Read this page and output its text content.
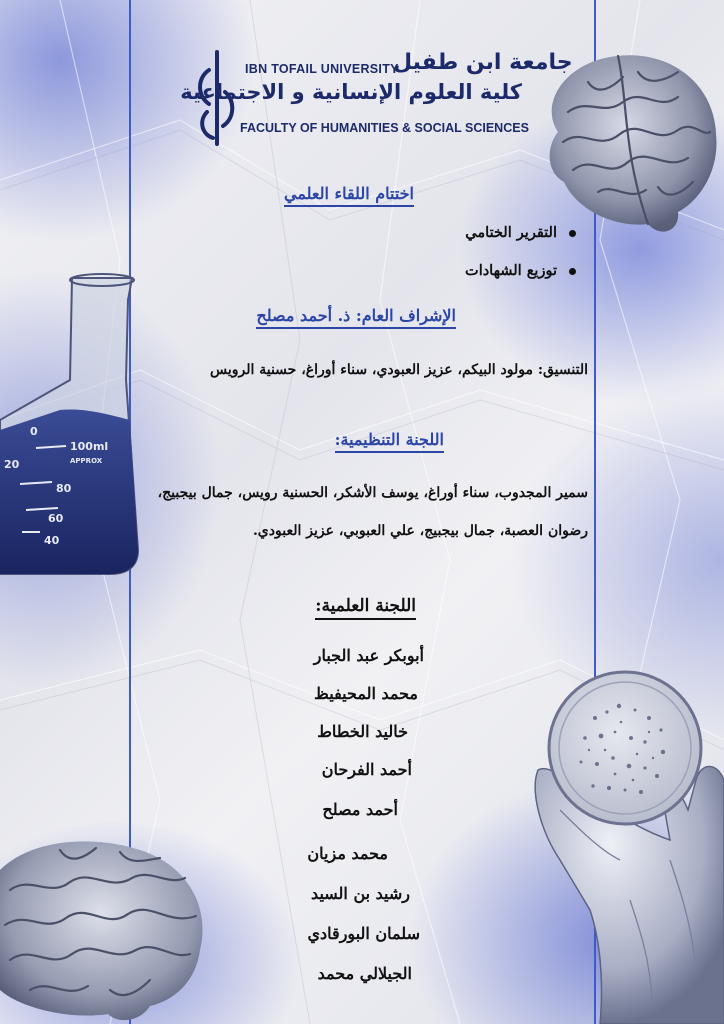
100ml
APPROX
0
20
40
60
80
IBN TOFAIL UNIVERSITY
جامعة ابن طفيل
كلية العلوم الإنسانية و الاجتماعية
FACULTY OF HUMANITIES & SOCIAL SCIENCES
اختتام اللقاء العلمي
التقرير الختامي
توزيع الشهادات
الإشراف العام: ذ. أحمد مصلح
التنسيق: مولود البيكم، عزيز العبودي، سناء أوراغ، حسنية الرويس
اللجنة التنظيمية:
سمير المجدوب، سناء أوراغ، يوسف الأشكر، الحسنية رويس، جمال بيجبيج، رضوان العصبة، جمال بيجبيج، علي العبوبي، عزيز العبودي.
اللجنة العلمية:
أبوبكر عبد الجبار
محمد المحيفيظ
خاليد الخطاط
أحمد الفرحان
أحمد مصلح
محمد مزيان
رشيد بن السيد
سلمان البورقادي
الجيلالي محمد
